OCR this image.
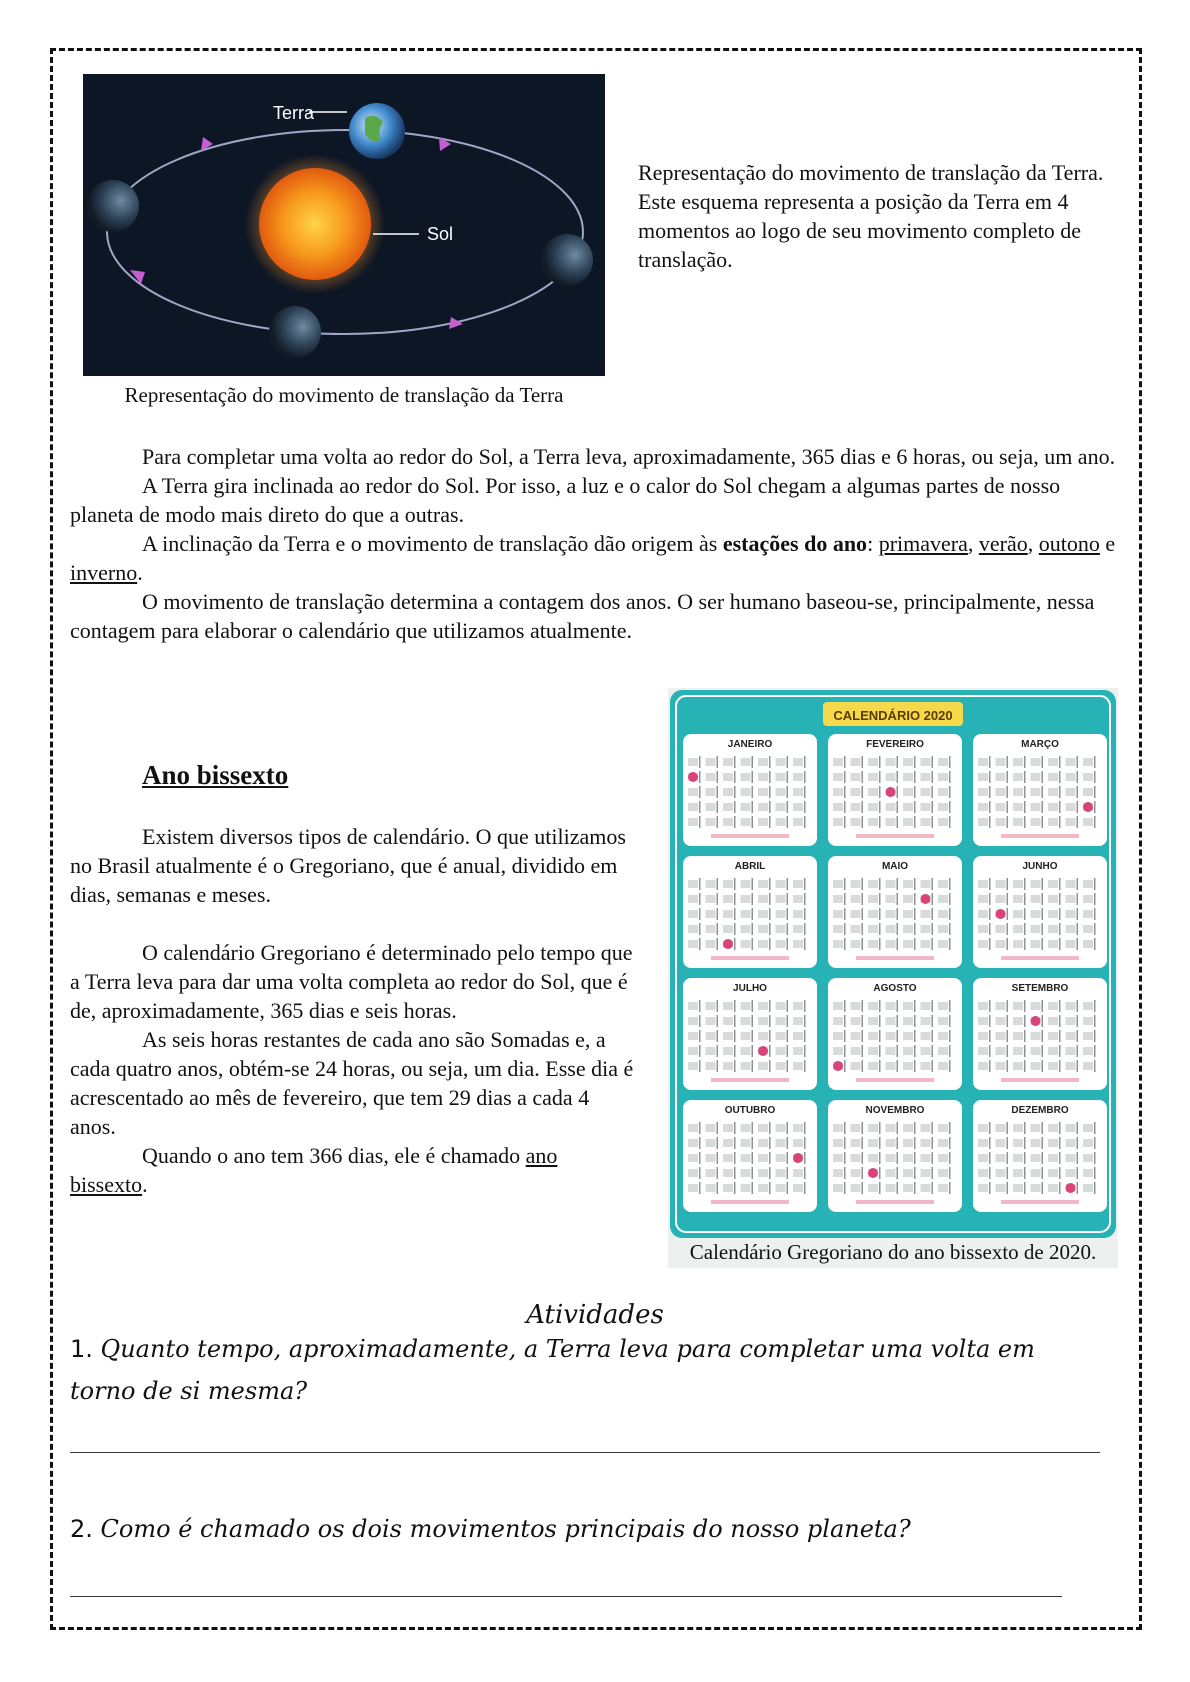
Terra
Sol
Representação do movimento de translação da Terra
Representação do movimento de translação da Terra. Este esquema representa a posição da Terra em 4 momentos ao logo de seu movimento completo de translação.

Para completar uma volta ao redor do Sol, a Terra leva, aproximadamente, 365 dias e 6 horas, ou seja, um ano.

A Terra gira inclinada ao redor do Sol. Por isso, a luz e o calor do Sol chegam a algumas partes de nosso planeta de modo mais direto do que a outras.

A inclinação da Terra e o movimento de translação dão origem às estações do ano: primavera, verão, outono e inverno.

O movimento de translação determina a contagem dos anos. O ser humano baseou-se, principalmente, nessa contagem para elaborar o calendário que utilizamos atualmente.

Ano bissexto

Existem diversos tipos de calendário. O que utilizamos no Brasil atualmente é o Gregoriano, que é anual, dividido em dias, semanas e meses.

O calendário Gregoriano é determinado pelo tempo que a Terra leva para dar uma volta completa ao redor do Sol, que é de, aproximadamente, 365 dias e seis horas.

As seis horas restantes de cada ano são Somadas e, a cada quatro anos, obtém-se 24 horas, ou seja, um dia. Esse dia é acrescentado ao mês de fevereiro, que tem 29 dias a cada 4 anos.

Quando o ano tem 366 dias, ele é chamado ano bissexto.

CALENDÁRIO 2020
JANEIRO	FEVEREIRO	MARÇO
ABRIL	MAIO	JUNHO
JULHO	AGOSTO	SETEMBRO
OUTUBRO	NOVEMBRO	DEZEMBRO
Calendário Gregoriano do ano bissexto de 2020.
Atividades
1. Quanto tempo, aproximadamente, a Terra leva para completar uma volta em torno de si mesma?
2. Como é chamado os dois movimentos principais do nosso planeta?
